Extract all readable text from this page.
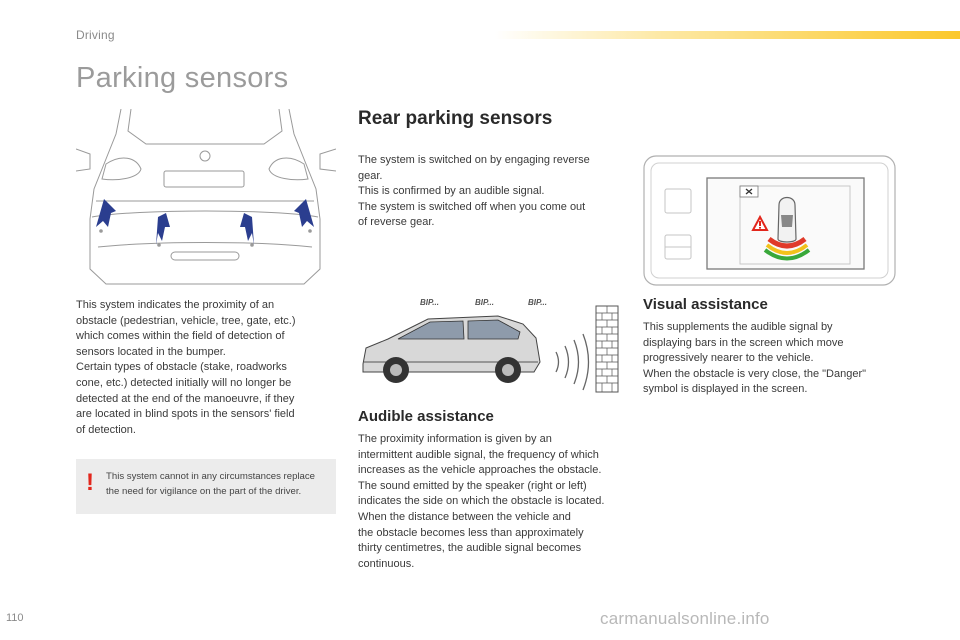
Driving
Parking sensors
This system indicates the proximity of an
obstacle (pedestrian, vehicle, tree, gate, etc.)
which comes within the field of detection of
sensors located in the bumper.
Certain types of obstacle (stake, roadworks
cone, etc.) detected initially will no longer be
detected at the end of the manoeuvre, if they
are located in blind spots in the sensors' field
of detection.
! This system cannot in any circumstances replace
the need for vigilance on the part of the driver.
Rear parking sensors
The system is switched on by engaging reverse
gear.
This is confirmed by an audible signal.
The system is switched off when you come out
of reverse gear.
BIP...	BIP...	BIP...
Audible assistance
The proximity information is given by an
intermittent audible signal, the frequency of which
increases as the vehicle approaches the obstacle.
The sound emitted by the speaker (right or left)
indicates the side on which the obstacle is located.
When the distance between the vehicle and
the obstacle becomes less than approximately
thirty centimetres, the audible signal becomes
continuous.
Visual assistance
This supplements the audible signal by
displaying bars in the screen which move
progressively nearer to the vehicle.
When the obstacle is very close, the "Danger"
symbol is displayed in the screen.
110	carmanualsonline.info
